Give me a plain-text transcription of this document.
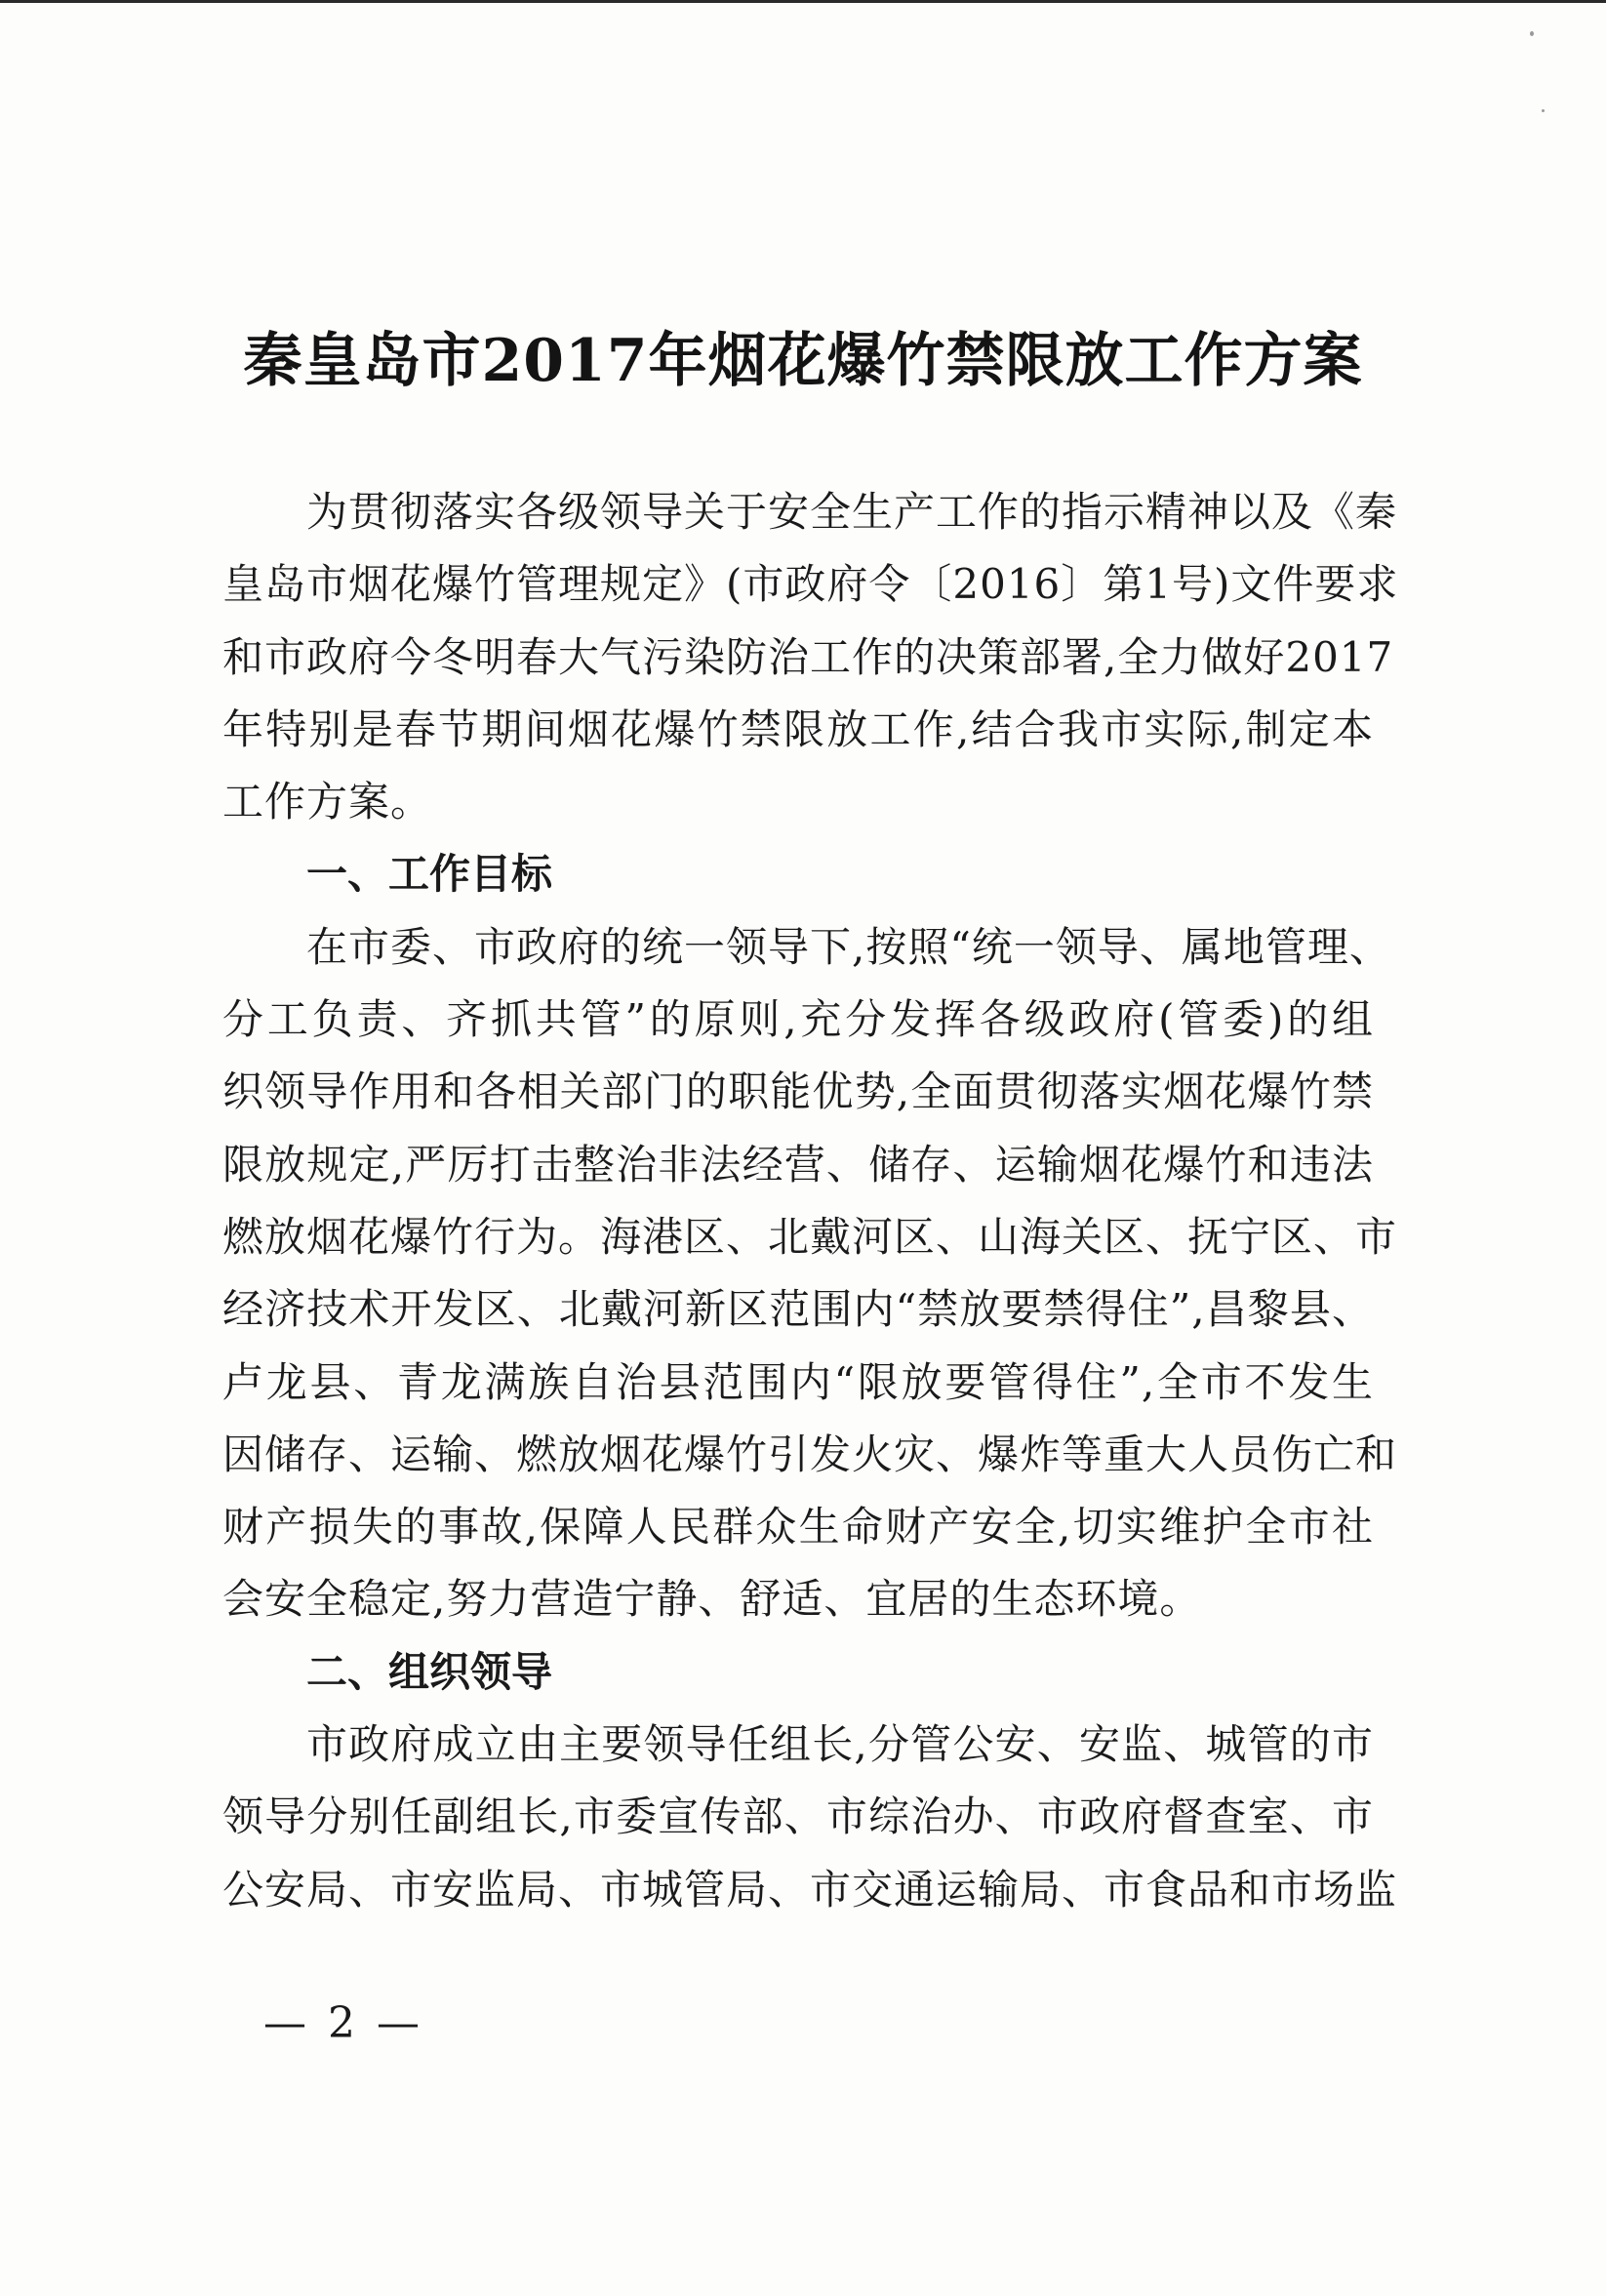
秦皇岛市2017年烟花爆竹禁限放工作方案
为贯彻落实各级领导关于安全生产工作的指示精神以及《秦
皇岛市烟花爆竹管理规定》(市政府令〔2016〕第1号)文件要求
和市政府今冬明春大气污染防治工作的决策部署,全力做好2017
年特别是春节期间烟花爆竹禁限放工作,结合我市实际,制定本
工作方案。
一、工作目标
在市委、市政府的统一领导下,按照“统一领导、属地管理、
分工负责、齐抓共管”的原则,充分发挥各级政府(管委)的组
织领导作用和各相关部门的职能优势,全面贯彻落实烟花爆竹禁
限放规定,严厉打击整治非法经营、储存、运输烟花爆竹和违法
燃放烟花爆竹行为。海港区、北戴河区、山海关区、抚宁区、市
经济技术开发区、北戴河新区范围内“禁放要禁得住”,昌黎县、
卢龙县、青龙满族自治县范围内“限放要管得住”,全市不发生
因储存、运输、燃放烟花爆竹引发火灾、爆炸等重大人员伤亡和
财产损失的事故,保障人民群众生命财产安全,切实维护全市社
会安全稳定,努力营造宁静、舒适、宜居的生态环境。
二、组织领导
市政府成立由主要领导任组长,分管公安、安监、城管的市
领导分别任副组长,市委宣传部、市综治办、市政府督查室、市
公安局、市安监局、市城管局、市交通运输局、市食品和市场监
— 2 —
